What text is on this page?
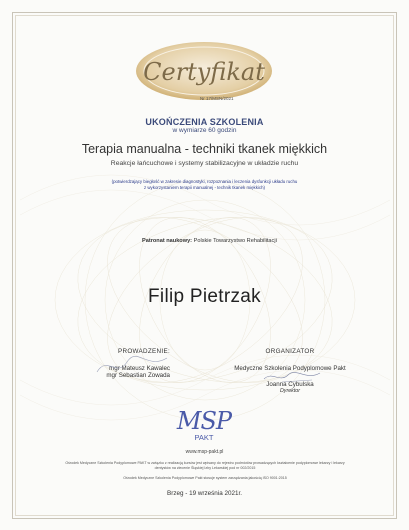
Certyfikat
Nr 17/MSN/2021
UKOŃCZENIA SZKOLENIA
w wymiarze 60 godzin
Terapia manualna - techniki tkanek miękkich
Reakcje łańcuchowe i systemy stabilizacyjne w układzie ruchu
(potwierdzający biegłość w zakresie diagnostyki, rozpoznania i leczenia dysfunkcji układu ruchu
z wykorzystaniem terapii manualnej - technik tkanek miękkich)
Patronat naukowy: Polskie Towarzystwo Rehabilitacji
Filip Pietrzak
PROWADZENIE:
mgr Mateusz Kawalec
mgr Sebastian Zowada
ORGANIZATOR
Medyczne Szkolenia Podyplomowe Pakt
Joanna Cybulska
Dyrektor
MSP
PAKT
www.msp-pakt.pl
Ośrodek Medyczne Szkolenia Podyplomowe PAKT w związku z realizacją kursów jest wpisany do rejestru podmiotów prowadzących kształcenie podyplomowe lekarzy i lekarzy dentystów na zlecenie Śląskiej Izby Lekarskiej pod nr 002/2015
Ośrodek Medyczne Szkolenia Podyplomowe Pakt stosuje system zarządzania jakością ISO 9001:2015
Brzeg - 19 września 2021r.
